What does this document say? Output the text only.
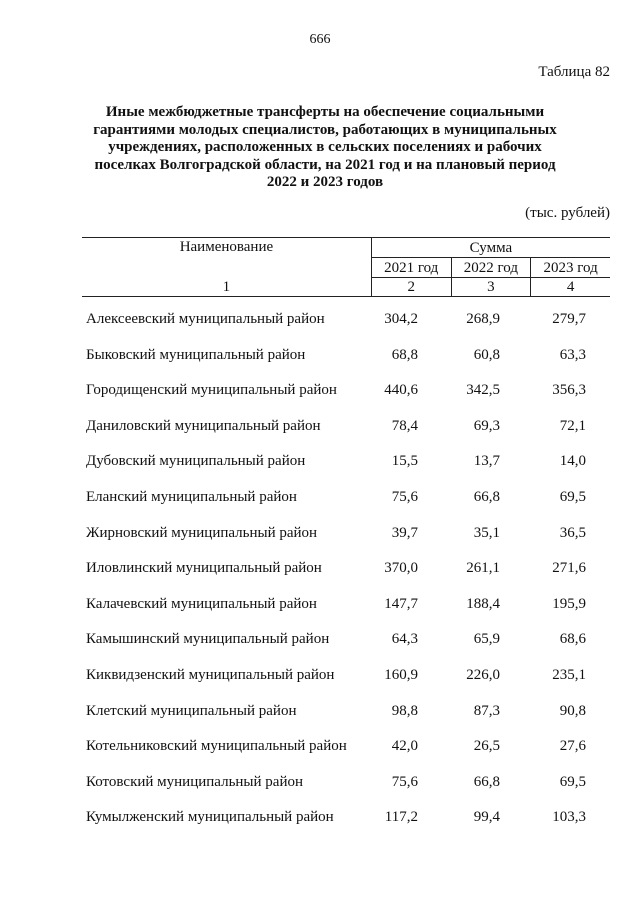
666
Таблица 82
Иные межбюджетные трансферты на обеспечение социальными гарантиями молодых специалистов, работающих в муниципальных учреждениях, расположенных в сельских поселениях и рабочих поселках Волгоградской области, на 2021 год и на плановый период 2022 и 2023 годов
(тыс. рублей)
Наименование	Сумма		
	2021 год	2022 год	2023 год
1	2	3	4
Алексеевский муниципальный район	304,2	268,9	279,7
Быковский муниципальный район	68,8	60,8	63,3
Городищенский муниципальный район	440,6	342,5	356,3
Даниловский муниципальный район	78,4	69,3	72,1
Дубовский муниципальный район	15,5	13,7	14,0
Еланский муниципальный район	75,6	66,8	69,5
Жирновский муниципальный район	39,7	35,1	36,5
Иловлинский муниципальный район	370,0	261,1	271,6
Калачевский муниципальный район	147,7	188,4	195,9
Камышинский муниципальный район	64,3	65,9	68,6
Киквидзенский муниципальный район	160,9	226,0	235,1
Клетский муниципальный район	98,8	87,3	90,8
Котельниковский муниципальный район	42,0	26,5	27,6
Котовский муниципальный район	75,6	66,8	69,5
Кумылженский муниципальный район	117,2	99,4	103,3
